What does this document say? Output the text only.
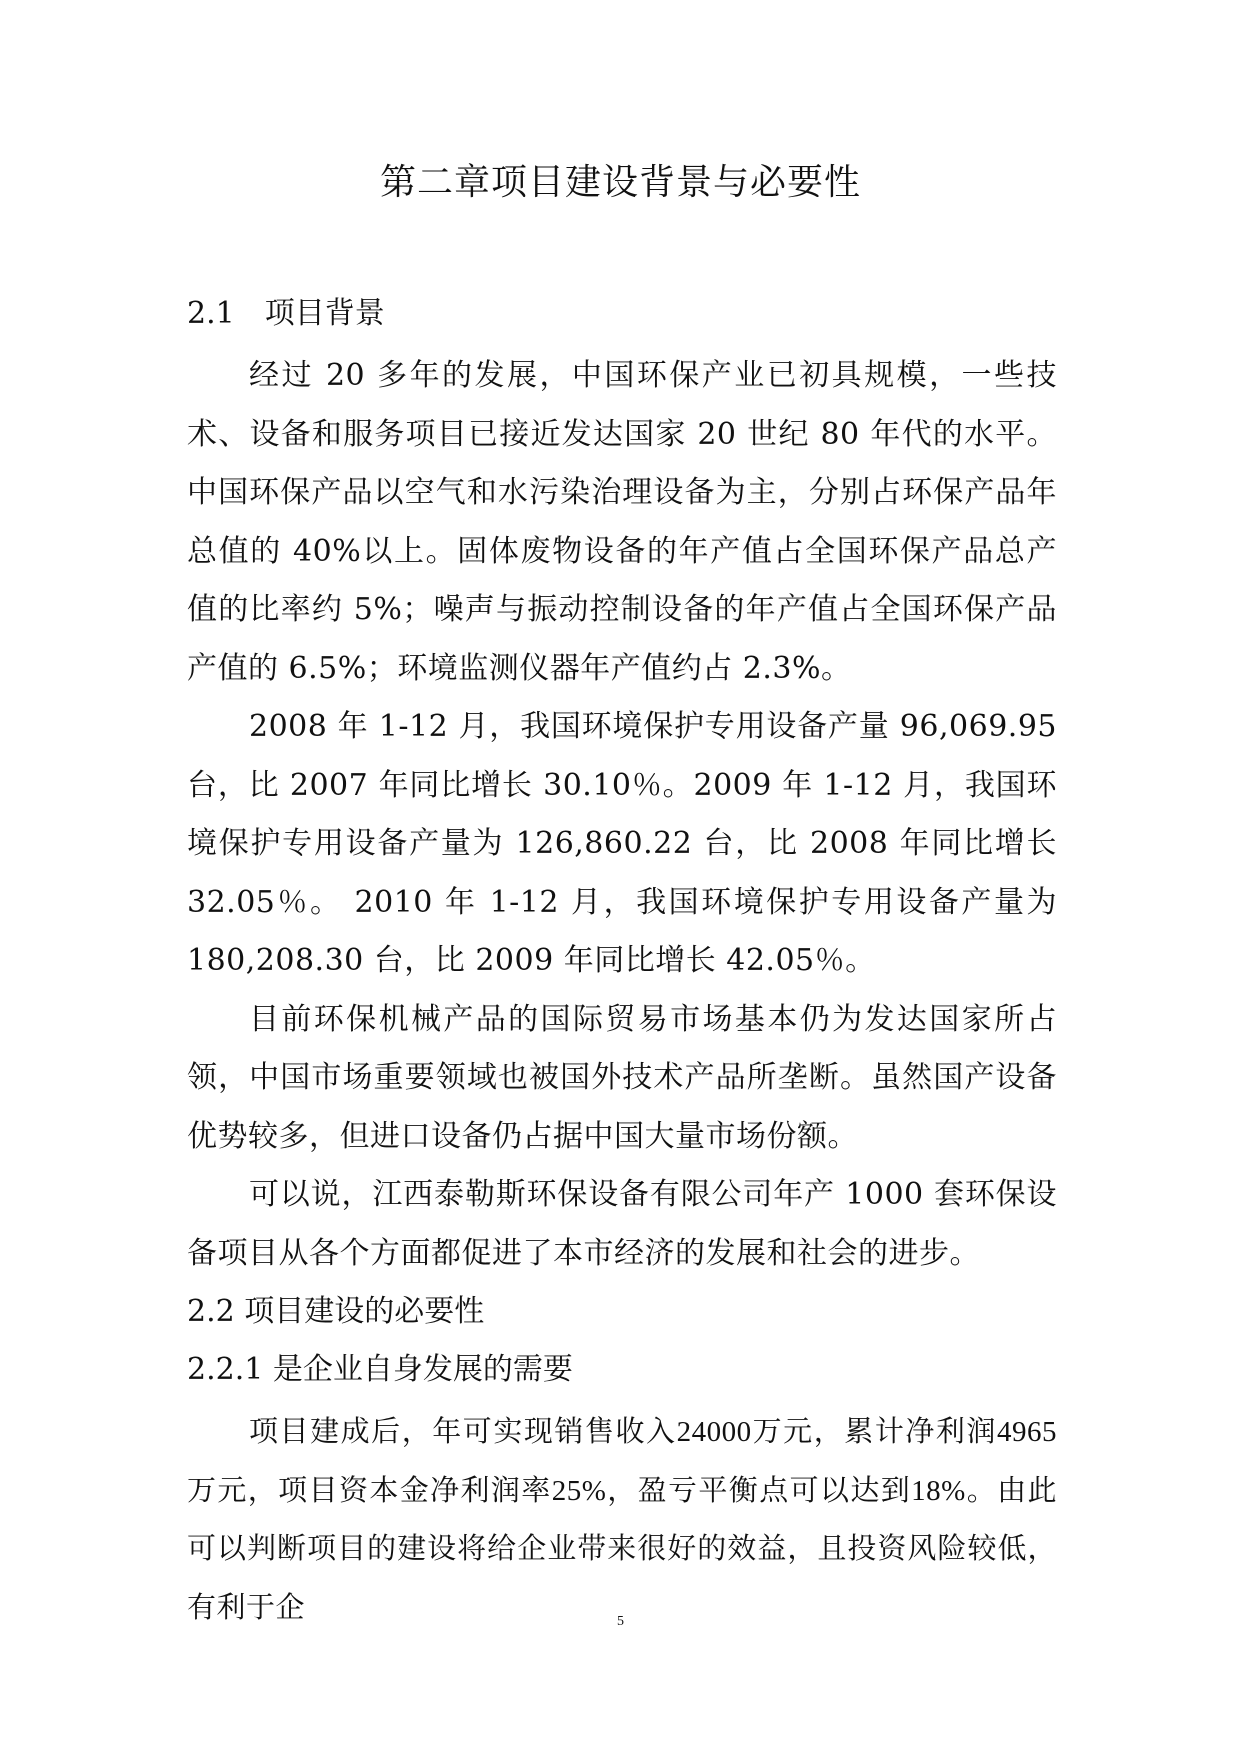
第二章项目建设背景与必要性
2.1　项目背景

经过 20 多年的发展，中国环保产业已初具规模，一些技术、设备和服务项目已接近发达国家 20 世纪 80 年代的水平。中国环保产品以空气和水污染治理设备为主，分别占环保产品年总值的 40%以上。固体废物设备的年产值占全国环保产品总产值的比率约 5%；噪声与振动控制设备的年产值占全国环保产品产值的 6.5%；环境监测仪器年产值约占 2.3%。

2008 年 1-12 月，我国环境保护专用设备产量 96,069.95 台，比 2007 年同比增长 30.10％。2009 年 1-12 月，我国环境保护专用设备产量为 126,860.22 台，比 2008 年同比增长 32.05％。 2010 年 1-12 月，我国环境保护专用设备产量为 180,208.30 台，比 2009 年同比增长 42.05％。

目前环保机械产品的国际贸易市场基本仍为发达国家所占领，中国市场重要领域也被国外技术产品所垄断。虽然国产设备优势较多，但进口设备仍占据中国大量市场份额。

可以说，江西泰勒斯环保设备有限公司年产 1000 套环保设备项目从各个方面都促进了本市经济的发展和社会的进步。

2.2 项目建设的必要性
2.2.1 是企业自身发展的需要

项目建成后，年可实现销售收入24000万元，累计净利润4965万元，项目资本金净利润率25%，盈亏平衡点可以达到18%。由此可以判断项目的建设将给企业带来很好的效益，且投资风险较低，有利于企	5
